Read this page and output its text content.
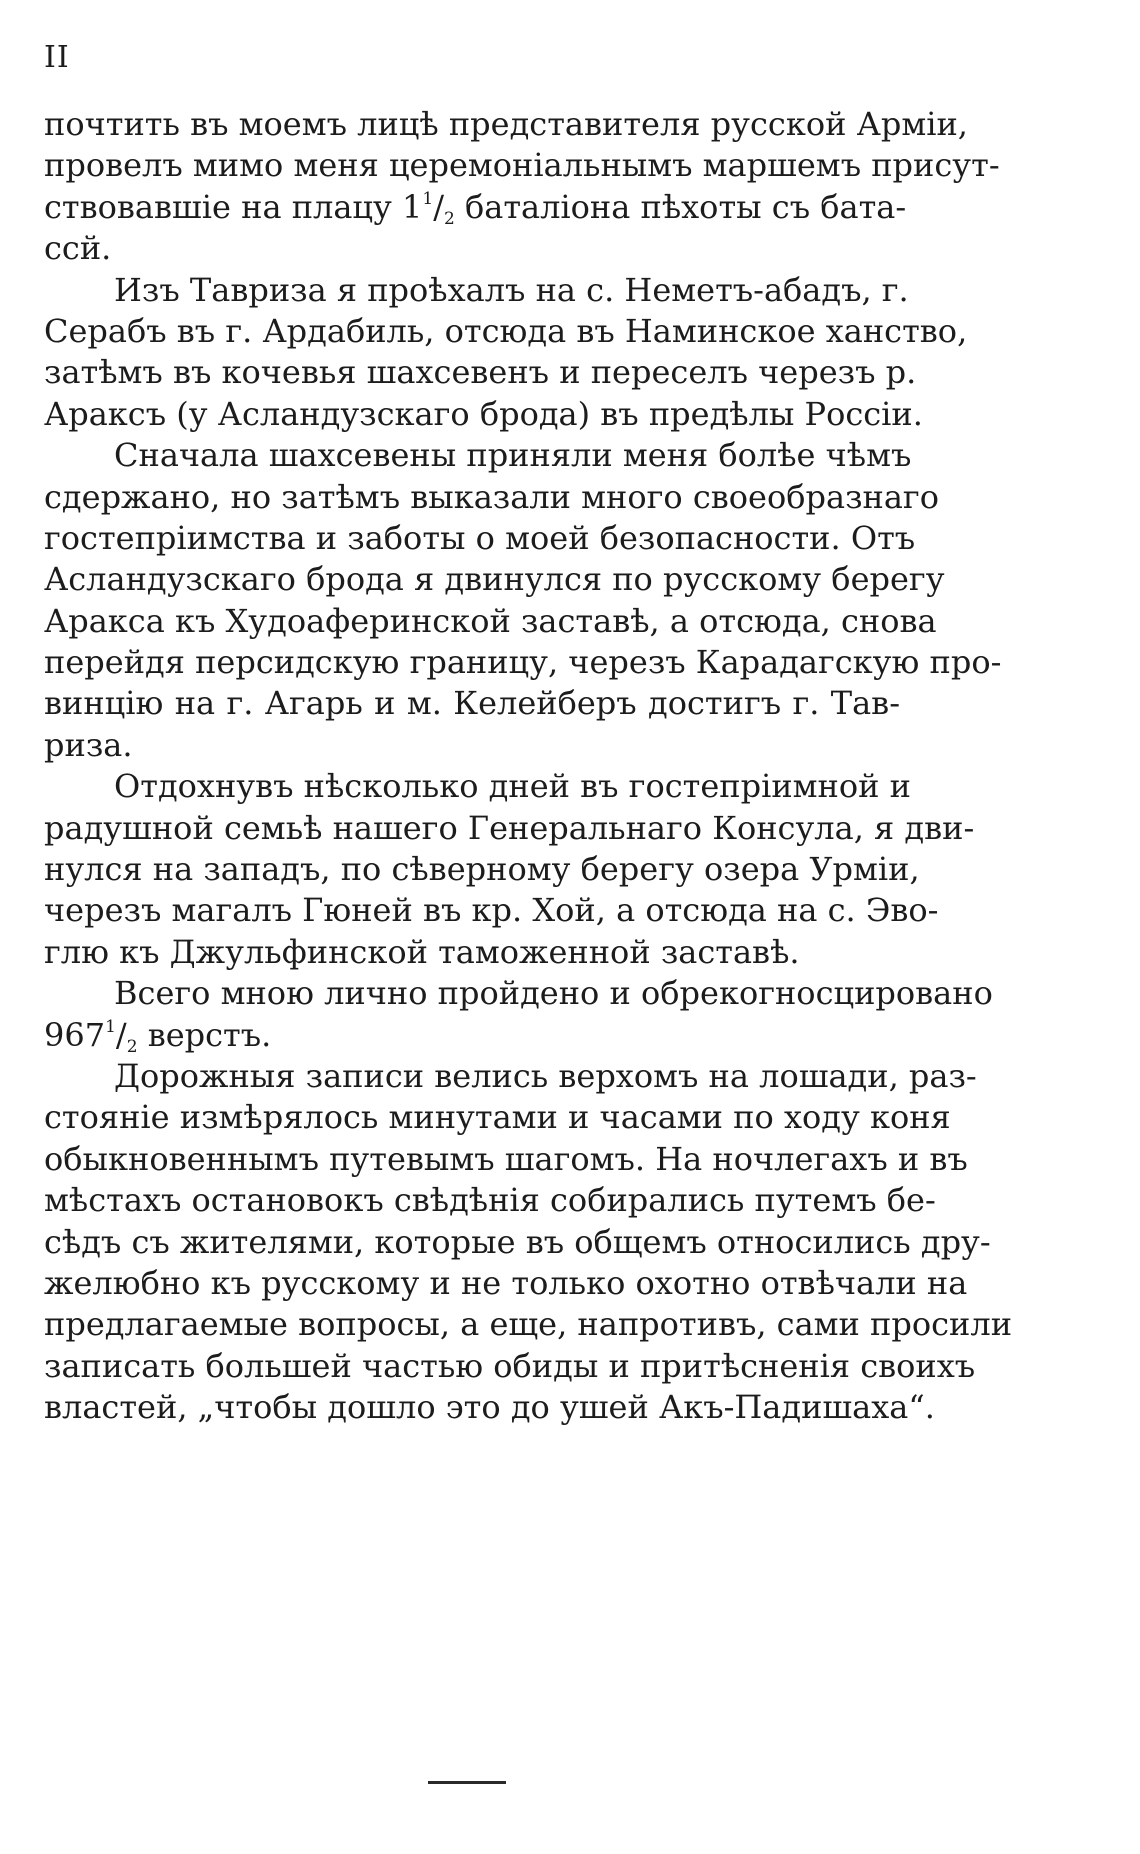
II
почтить въ моемъ лицѣ представителя русской Арміи,
провелъ мимо меня церемоніальнымъ маршемъ присут-
ствовавшіе на плацу $1^1/_2$ баталіона пѣхоты съ бата-
ссй.
Изъ Тавриза я проѣхалъ на с. Неметъ-абадъ, г.
Серабъ въ г. Ардабиль, отсюда въ Наминское ханство,
затѣмъ въ кочевья шахсевенъ и переселъ черезъ р.
Араксъ (у Асландузскаго брода) въ предѣлы Россіи.
Сначала шахсевены приняли меня болѣе чѣмъ
сдержано, но затѣмъ выказали много своеобразнаго
гостепріимства и заботы о моей безопасности. Отъ
Асландузскаго брода я двинулся по русскому берегу
Аракса къ Худоаферинской заставѣ, а отсюда, снова
перейдя персидскую границу, черезъ Карадагскую про-
винцію на г. Агарь и м. Келейберъ достигъ г. Тав-
риза.
Отдохнувъ нѣсколько дней въ гостепріимной и
радушной семьѣ нашего Генеральнаго Консула, я дви-
нулся на западъ, по сѣверному берегу озера Урміи,
черезъ магалъ Гюней въ кр. Хой, а отсюда на с. Эво-
глю къ Джульфинской таможенной заставѣ.
Всего мною лично пройдено и обрекогносцировано
$967^1/_2$ верстъ.
Дорожныя записи велись верхомъ на лошади, раз-
стояніе измѣрялось минутами и часами по ходу коня
обыкновеннымъ путевымъ шагомъ. На ночлегахъ и въ
мѣстахъ остановокъ свѣдѣнія собирались путемъ бе-
сѣдъ съ жителями, которые въ общемъ относились дру-
желюбно къ русскому и не только охотно отвѣчали на
предлагаемые вопросы, а еще, напротивъ, сами просили
записать большей частью обиды и притѣсненія своихъ
властей, „чтобы дошло это до ушей Акъ-Падишаха“.
